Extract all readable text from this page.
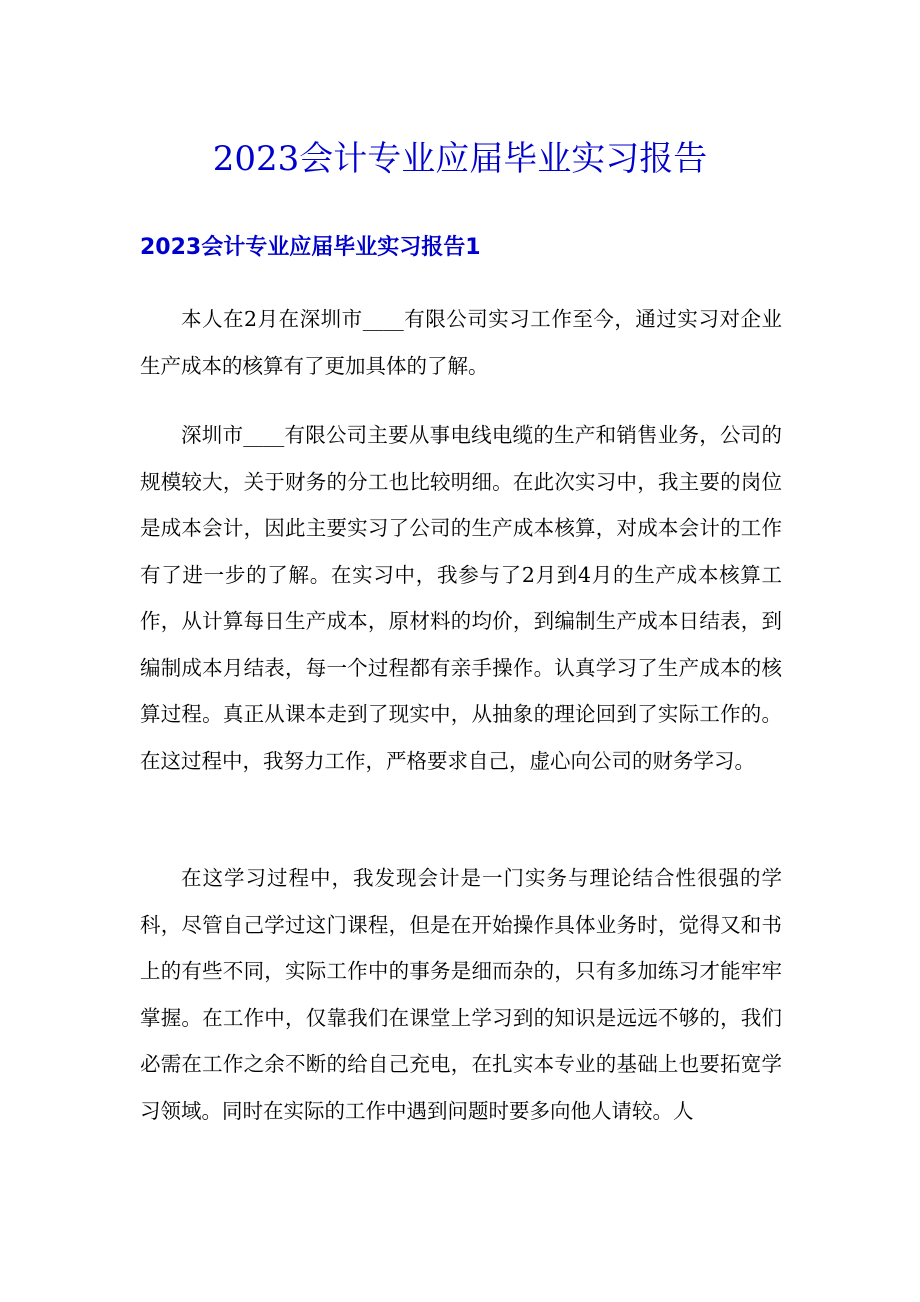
2023会计专业应届毕业实习报告
2023会计专业应届毕业实习报告1

本人在2月在深圳市____有限公司实习工作至今，通过实习对企业生产成本的核算有了更加具体的了解。

深圳市____有限公司主要从事电线电缆的生产和销售业务，公司的规模较大，关于财务的分工也比较明细。在此次实习中，我主要的岗位是成本会计，因此主要实习了公司的生产成本核算，对成本会计的工作有了进一步的了解。在实习中，我参与了2月到4月的生产成本核算工作，从计算每日生产成本，原材料的均价，到编制生产成本日结表，到编制成本月结表，每一个过程都有亲手操作。认真学习了生产成本的核算过程。真正从课本走到了现实中，从抽象的理论回到了实际工作的。在这过程中，我努力工作，严格要求自己，虚心向公司的财务学习。

在这学习过程中，我发现会计是一门实务与理论结合性很强的学科，尽管自己学过这门课程，但是在开始操作具体业务时，觉得又和书上的有些不同，实际工作中的事务是细而杂的，只有多加练习才能牢牢掌握。在工作中，仅靠我们在课堂上学习到的知识是远远不够的，我们必需在工作之余不断的给自己充电，在扎实本专业的基础上也要拓宽学习领域。同时在实际的工作中遇到问题时要多向他人请较。人
